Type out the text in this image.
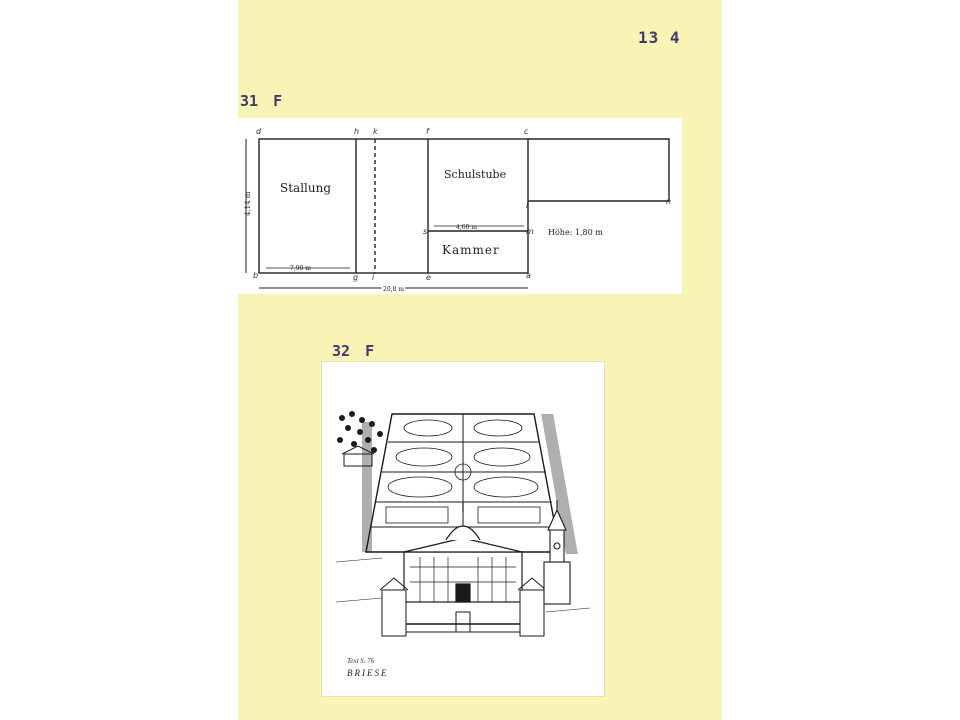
13 4
31 F
d	h k	f	c
n
b	g i	e	a
s
l
m
Stallung
Schulstube
Kammer
Höhe: 1,80 m
7,90 m
4,60 m
20,8 m
4,14 m
32 F
Text S. 76
BRIESE
